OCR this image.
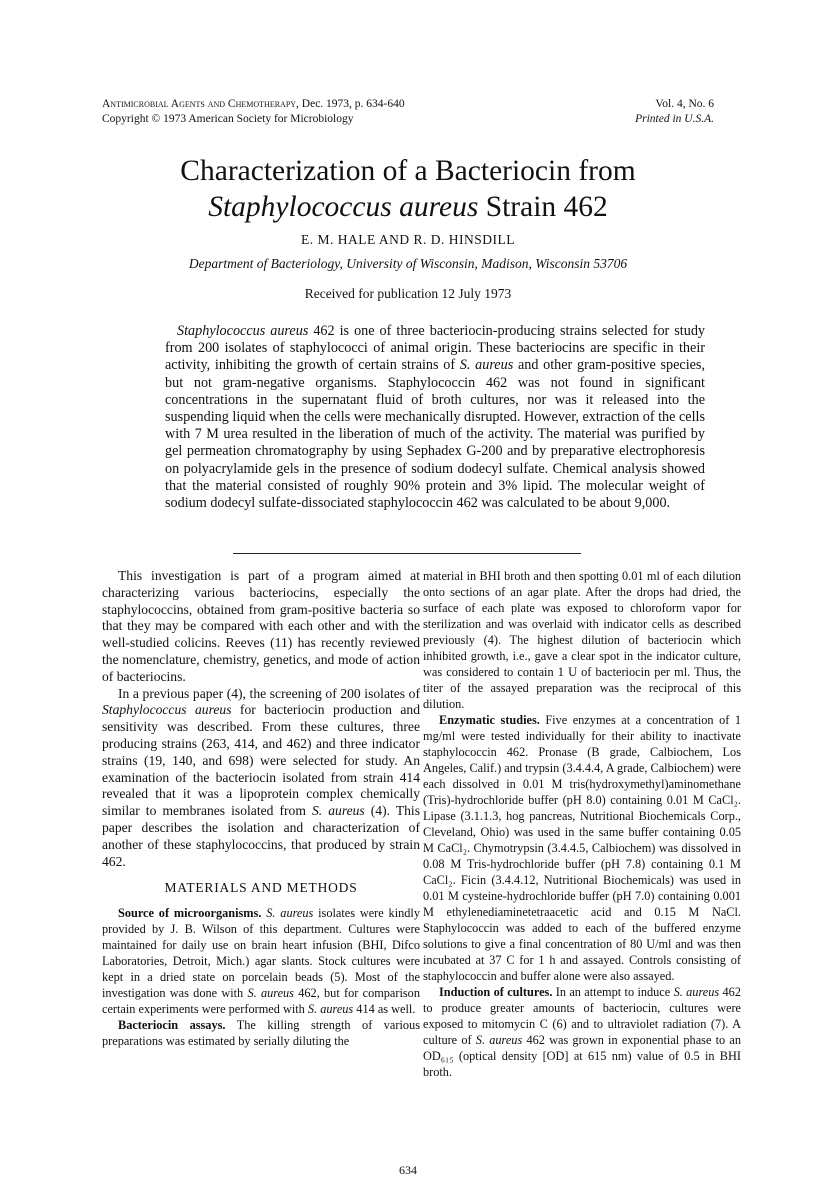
Antimicrobial Agents and Chemotherapy, Dec. 1973, p. 634-640
Copyright © 1973 American Society for Microbiology
Vol. 4, No. 6
Printed in U.S.A.
Characterization of a Bacteriocin from
Staphylococcus aureus Strain 462
E. M. HALE AND R. D. HINSDILL
Department of Bacteriology, University of Wisconsin, Madison, Wisconsin 53706
Received for publication 12 July 1973

Staphylococcus aureus 462 is one of three bacteriocin-producing strains selected for study from 200 isolates of staphylococci of animal origin. These bacteriocins are specific in their activity, inhibiting the growth of certain strains of S. aureus and other gram-positive species, but not gram-negative organisms. Staphylococcin 462 was not found in significant concentrations in the supernatant fluid of broth cultures, nor was it released into the suspending liquid when the cells were mechanically disrupted. However, extraction of the cells with 7 M urea resulted in the liberation of much of the activity. The material was purified by gel permeation chromatography by using Sephadex G-200 and by preparative electrophoresis on polyacrylamide gels in the presence of sodium dodecyl sulfate. Chemical analysis showed that the material consisted of roughly 90% protein and 3% lipid. The molecular weight of sodium dodecyl sulfate-dissociated staphylococcin 462 was calculated to be about 9,000.

This investigation is part of a program aimed at characterizing various bacteriocins, especially the staphylococcins, obtained from gram-positive bacteria so that they may be compared with each other and with the well-studied colicins. Reeves (11) has recently reviewed the nomenclature, chemistry, genetics, and mode of action of bacteriocins.

In a previous paper (4), the screening of 200 isolates of Staphylococcus aureus for bacteriocin production and sensitivity was described. From these cultures, three producing strains (263, 414, and 462) and three indicator strains (19, 140, and 698) were selected for study. An examination of the bacteriocin isolated from strain 414 revealed that it was a lipoprotein complex chemically similar to membranes isolated from S. aureus (4). This paper describes the isolation and characterization of another of these staphylococcins, that produced by strain 462.

MATERIALS AND METHODS

Source of microorganisms. S. aureus isolates were kindly provided by J. B. Wilson of this department. Cultures were maintained for daily use on brain heart infusion (BHI, Difco Laboratories, Detroit, Mich.) agar slants. Stock cultures were kept in a dried state on porcelain beads (5). Most of the investigation was done with S. aureus 462, but for comparison certain experiments were performed with S. aureus 414 as well.

Bacteriocin assays. The killing strength of various preparations was estimated by serially diluting the

material in BHI broth and then spotting 0.01 ml of each dilution onto sections of an agar plate. After the drops had dried, the surface of each plate was exposed to chloroform vapor for sterilization and was overlaid with indicator cells as described previously (4). The highest dilution of bacteriocin which inhibited growth, i.e., gave a clear spot in the indicator culture, was considered to contain 1 U of bacteriocin per ml. Thus, the titer of the assayed preparation was the reciprocal of this dilution.

Enzymatic studies. Five enzymes at a concentration of 1 mg/ml were tested individually for their ability to inactivate staphylococcin 462. Pronase (B grade, Calbiochem, Los Angeles, Calif.) and trypsin (3.4.4.4, A grade, Calbiochem) were each dissolved in 0.01 M tris(hydroxymethyl)aminomethane (Tris)-hydrochloride buffer (pH 8.0) containing 0.01 M CaCl₂. Lipase (3.1.1.3, hog pancreas, Nutritional Biochemicals Corp., Cleveland, Ohio) was used in the same buffer containing 0.05 M CaCl₂. Chymotrypsin (3.4.4.5, Calbiochem) was dissolved in 0.08 M Tris-hydrochloride buffer (pH 7.8) containing 0.1 M CaCl₂. Ficin (3.4.4.12, Nutritional Biochemicals) was used in 0.01 M cysteine-hydrochloride buffer (pH 7.0) containing 0.001 M ethylenediaminetetraacetic acid and 0.15 M NaCl. Staphylococcin was added to each of the buffered enzyme solutions to give a final concentration of 80 U/ml and was then incubated at 37 C for 1 h and assayed. Controls consisting of staphylococcin and buffer alone were also assayed.

Induction of cultures. In an attempt to induce S. aureus 462 to produce greater amounts of bacteriocin, cultures were exposed to mitomycin C (6) and to ultraviolet radiation (7). A culture of S. aureus 462 was grown in exponential phase to an OD₆₁₅ (optical density [OD] at 615 nm) value of 0.5 in BHI broth.

634
